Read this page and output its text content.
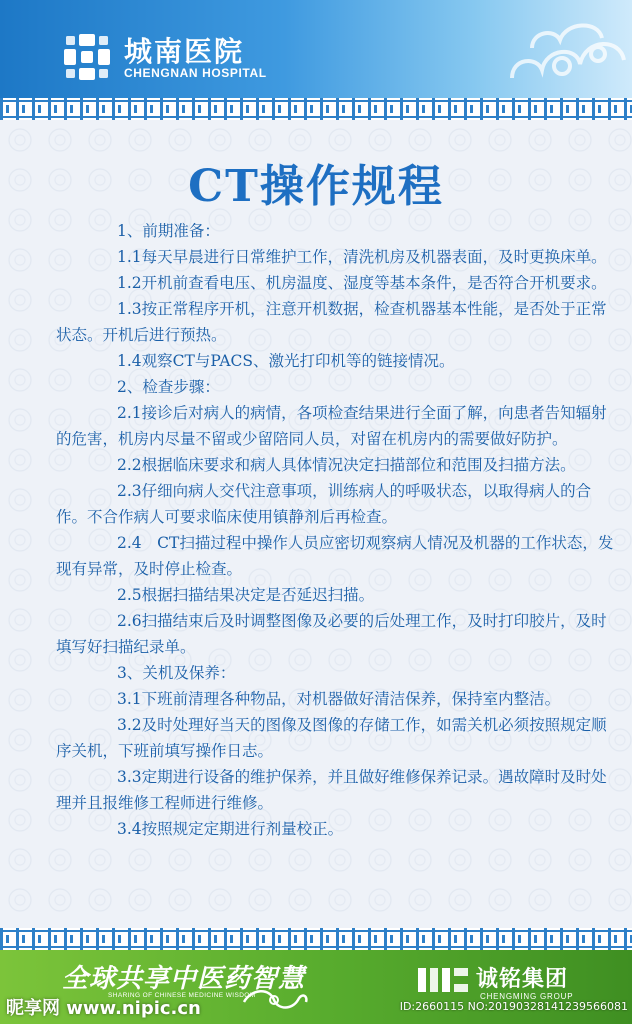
城南医院
CHENGNAN HOSPITAL
CT操作规程

1、前期准备：

1.1每天早晨进行日常维护工作，清洗机房及机器表面，及时更换床单。

1.2开机前查看电压、机房温度、湿度等基本条件，是否符合开机要求。

1.3按正常程序开机，注意开机数据，检查机器基本性能，是否处于正常状态。开机后进行预热。

1.4观察CT与PACS、激光打印机等的链接情况。

2、检查步骤：

2.1接诊后对病人的病情，各项检查结果进行全面了解，向患者告知辐射的危害，机房内尽量不留或少留陪同人员，对留在机房内的需要做好防护。

2.2根据临床要求和病人具体情况决定扫描部位和范围及扫描方法。

2.3仔细向病人交代注意事项，训练病人的呼吸状态，以取得病人的合作。不合作病人可要求临床使用镇静剂后再检查。

2.4　CT扫描过程中操作人员应密切观察病人情况及机器的工作状态，发现有异常，及时停止检查。

2.5根据扫描结果决定是否延迟扫描。

2.6扫描结束后及时调整图像及必要的后处理工作，及时打印胶片，及时填写好扫描纪录单。

3、关机及保养：

3.1下班前清理各种物品，对机器做好清洁保养，保持室内整洁。

3.2及时处理好当天的图像及图像的存储工作，如需关机必须按照规定顺序关机，下班前填写操作日志。

3.3定期进行设备的维护保养，并且做好维修保养记录。遇故障时及时处理并且报维修工程师进行维修。

3.4按照规定定期进行剂量校正。

全球共享中医药智慧
SHARING OF CHINESE MEDICINE WISDOM
诚铭集团
CHENGMING GROUP
昵享网 www.nipic.cn	ID:2660115 NO:20190328141239566081
